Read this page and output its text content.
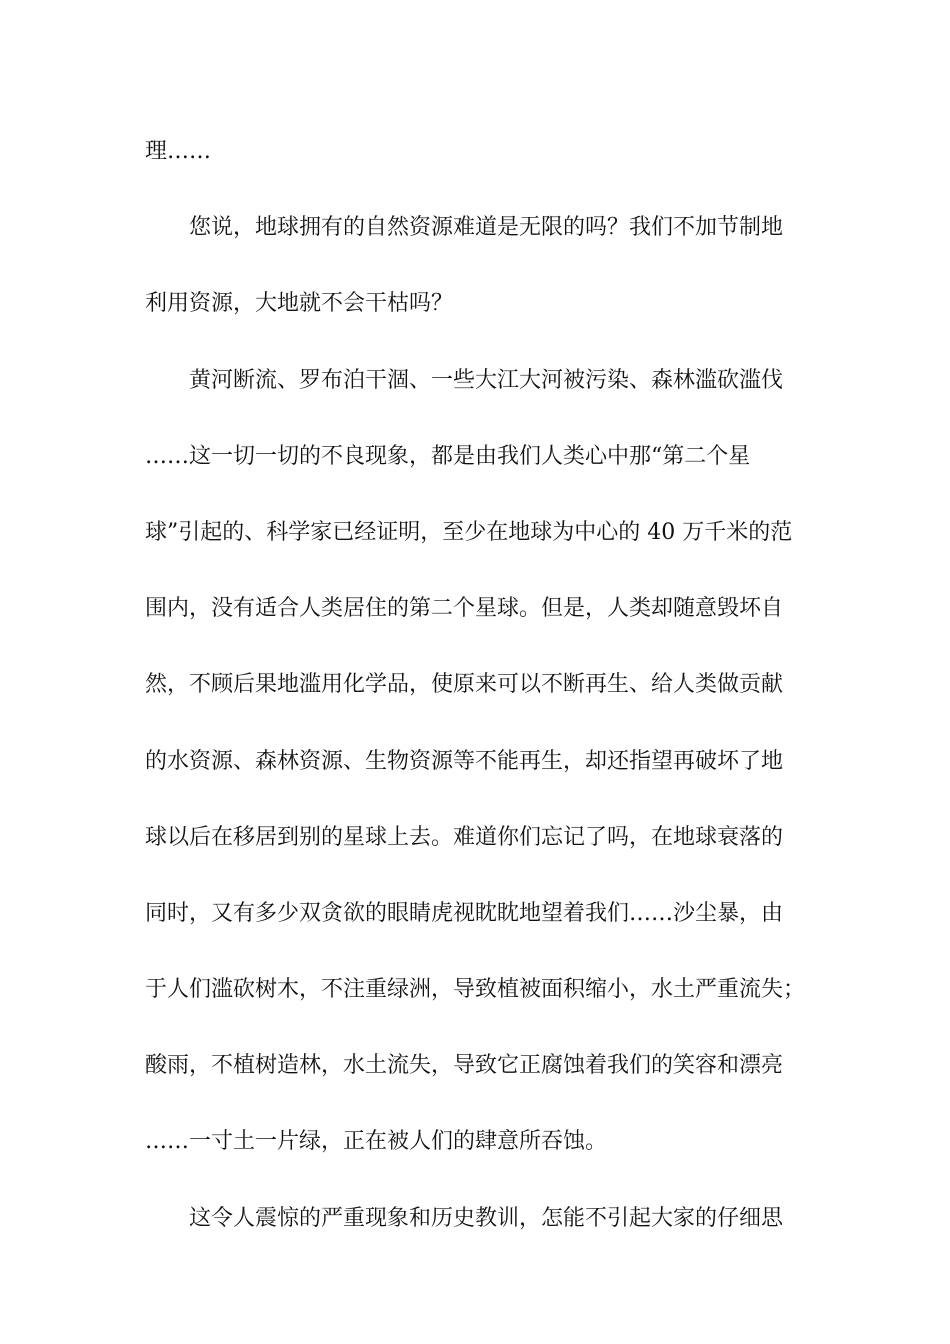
理……
您说，地球拥有的自然资源难道是无限的吗？我们不加节制地
利用资源，大地就不会干枯吗？
黄河断流、罗布泊干涸、一些大江大河被污染、森林滥砍滥伐
……这一切一切的不良现象，都是由我们人类心中那“第二个星
球”引起的、科学家已经证明，至少在地球为中心的 40 万千米的范
围内，没有适合人类居住的第二个星球。但是，人类却随意毁坏自
然，不顾后果地滥用化学品，使原来可以不断再生、给人类做贡献
的水资源、森林资源、生物资源等不能再生，却还指望再破坏了地
球以后在移居到别的星球上去。难道你们忘记了吗，在地球衰落的
同时，又有多少双贪欲的眼睛虎视眈眈地望着我们……沙尘暴，由
于人们滥砍树木，不注重绿洲，导致植被面积缩小，水土严重流失；
酸雨，不植树造林，水土流失，导致它正腐蚀着我们的笑容和漂亮
……一寸土一片绿，正在被人们的肆意所吞蚀。
这令人震惊的严重现象和历史教训，怎能不引起大家的仔细思
